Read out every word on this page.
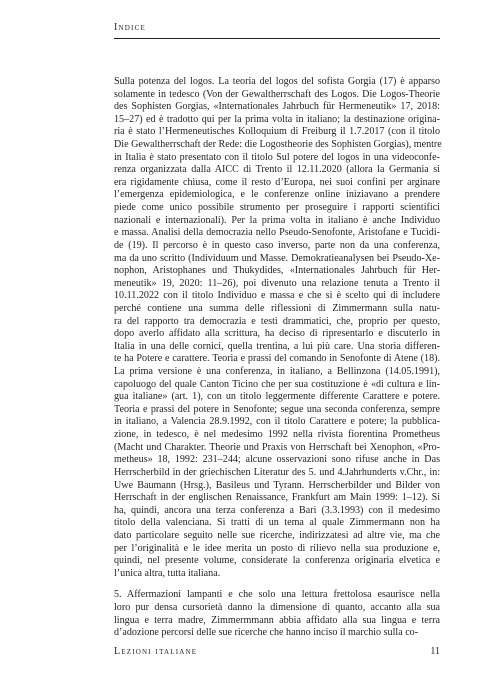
Indice
Sulla potenza del logos. La teoria del logos del sofista Gorgia (17) è apparso
solamente in tedesco (Von der Gewaltherrschaft des Logos. Die Logos-Theorie
des Sophisten Gorgias, «Internationales Jahrbuch für Hermeneutik» 17, 2018:
15–27) ed è tradotto qui per la prima volta in italiano; la destinazione origina-
ria è stato l’Hermeneutisches Kolloquium di Freiburg il 1.7.2017 (con il titolo
Die Gewaltherrschaft der Rede: die Logostheorie des Sophisten Gorgias), mentre
in Italia è stato presentato con il titolo Sul potere del logos in una videoconfe-
renza organizzata dalla AICC di Trento il 12.11.2020 (allora la Germania si
era rigidamente chiusa, come il resto d’Europa, nei suoi confini per arginare
l’emergenza epidemiologica, e le conferenze online iniziavano a prendere
piede come unico possibile strumento per proseguire i rapporti scientifici
nazionali e internazionali). Per la prima volta in italiano è anche Individuo
e massa. Analisi della democrazia nello Pseudo-Senofonte, Aristofane e Tucidi-
de (19). Il percorso è in questo caso inverso, parte non da una conferenza,
ma da uno scritto (Individuum und Masse. Demokratieanalysen bei Pseudo-Xe-
nophon, Aristophanes und Thukydides, «Internationales Jahrbuch für Her-
meneutik» 19, 2020: 11–26), poi divenuto una relazione tenuta a Trento il
10.11.2022 con il titolo Individuo e massa e che si è scelto qui di includere
perché contiene una summa delle riflessioni di Zimmermann sulla natu-
ra del rapporto tra democrazia e testi drammatici, che, proprio per questo,
dopo averlo affidato alla scrittura, ha deciso di ripresentarlo e discuterlo in
Italia in una delle cornici, quella trentina, a lui più care. Una storia differen-
te ha Potere e carattere. Teoria e prassi del comando in Senofonte di Atene (18).
La prima versione è una conferenza, in italiano, a Bellinzona (14.05.1991),
capoluogo del quale Canton Ticino che per sua costituzione è «di cultura e lin-
gua italiane» (art. 1), con un titolo leggermente differente Carattere e potere.
Teoria e prassi del potere in Senofonte; segue una seconda conferenza, sempre
in italiano, a Valencia 28.9.1992, con il titolo Carattere e potere; la pubblica-
zione, in tedesco, è nel medesimo 1992 nella rivista fiorentina Prometheus
(Macht und Charakter. Theorie und Praxis von Herrschaft bei Xenophon, «Pro-
metheus» 18, 1992: 231–244; alcune osservazioni sono rifuse anche in Das
Herrscherbild in der griechischen Literatur des 5. und 4.Jahrhunderts v.Chr., in:
Uwe Baumann (Hrsg.), Basileus und Tyrann. Herrscherbilder und Bilder von
Herrschaft in der englischen Renaissance, Frankfurt am Main 1999: 1–12). Si
ha, quindi, ancora una terza conferenza a Bari (3.3.1993) con il medesimo
titolo della valenciana. Si tratti di un tema al quale Zimmermann non ha
dato particolare seguito nelle sue ricerche, indirizzatesi ad altre vie, ma che
per l’originalità e le idee merita un posto di rilievo nella sua produzione e,
quindi, nel presente volume, considerate la conferenza originaria elvetica e
l’unica altra, tutta italiana.
5. Affermazioni lampanti e che solo una lettura frettolosa esaurisce nella
loro pur densa cursorietà danno la dimensione di quanto, accanto alla sua
lingua e terra madre, Zimmermmann abbia affidato alla sua lingua e terra
d’adozione percorsi delle sue ricerche che hanno inciso il marchio sulla co-
Lezioni italiane	11
